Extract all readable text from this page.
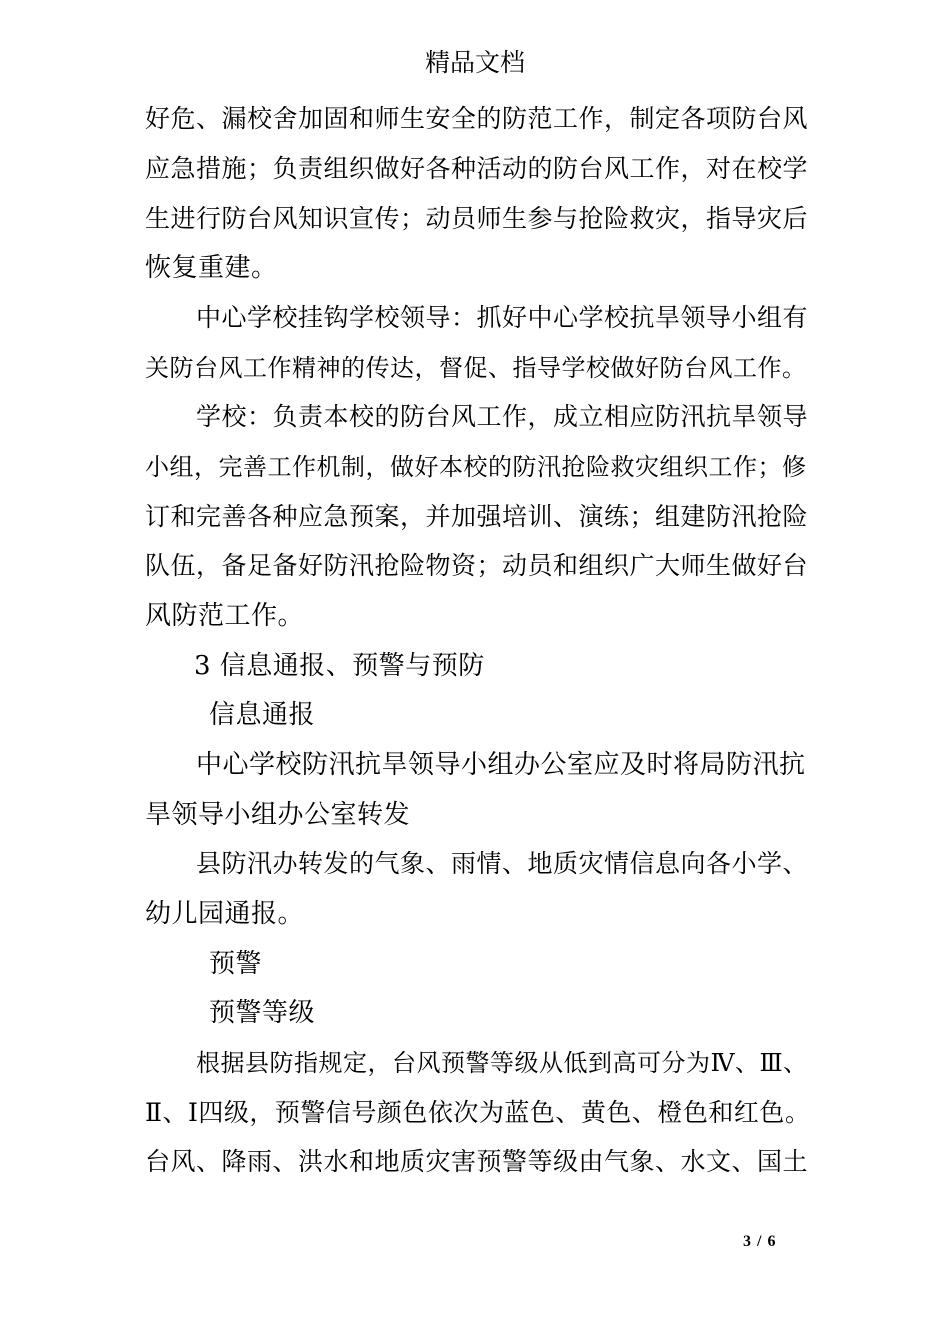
精品文档
好危、漏校舍加固和师生安全的防范工作，制定各项防台风
应急措施；负责组织做好各种活动的防台风工作，对在校学
生进行防台风知识宣传；动员师生参与抢险救灾，指导灾后
恢复重建。
中心学校挂钩学校领导：抓好中心学校抗旱领导小组有
关防台风工作精神的传达，督促、指导学校做好防台风工作。
学校：负责本校的防台风工作，成立相应防汛抗旱领导
小组，完善工作机制，做好本校的防汛抢险救灾组织工作；修
订和完善各种应急预案，并加强培训、演练；组建防汛抢险
队伍，备足备好防汛抢险物资；动员和组织广大师生做好台
风防范工作。
3 信息通报、预警与预防
信息通报
中心学校防汛抗旱领导小组办公室应及时将局防汛抗
旱领导小组办公室转发
县防汛办转发的气象、雨情、地质灾情信息向各小学、
幼儿园通报。
预警
预警等级
根据县防指规定，台风预警等级从低到高可分为Ⅳ、Ⅲ、
Ⅱ、Ⅰ四级，预警信号颜色依次为蓝色、黄色、橙色和红色。
台风、降雨、洪水和地质灾害预警等级由气象、水文、国土
3 / 6
